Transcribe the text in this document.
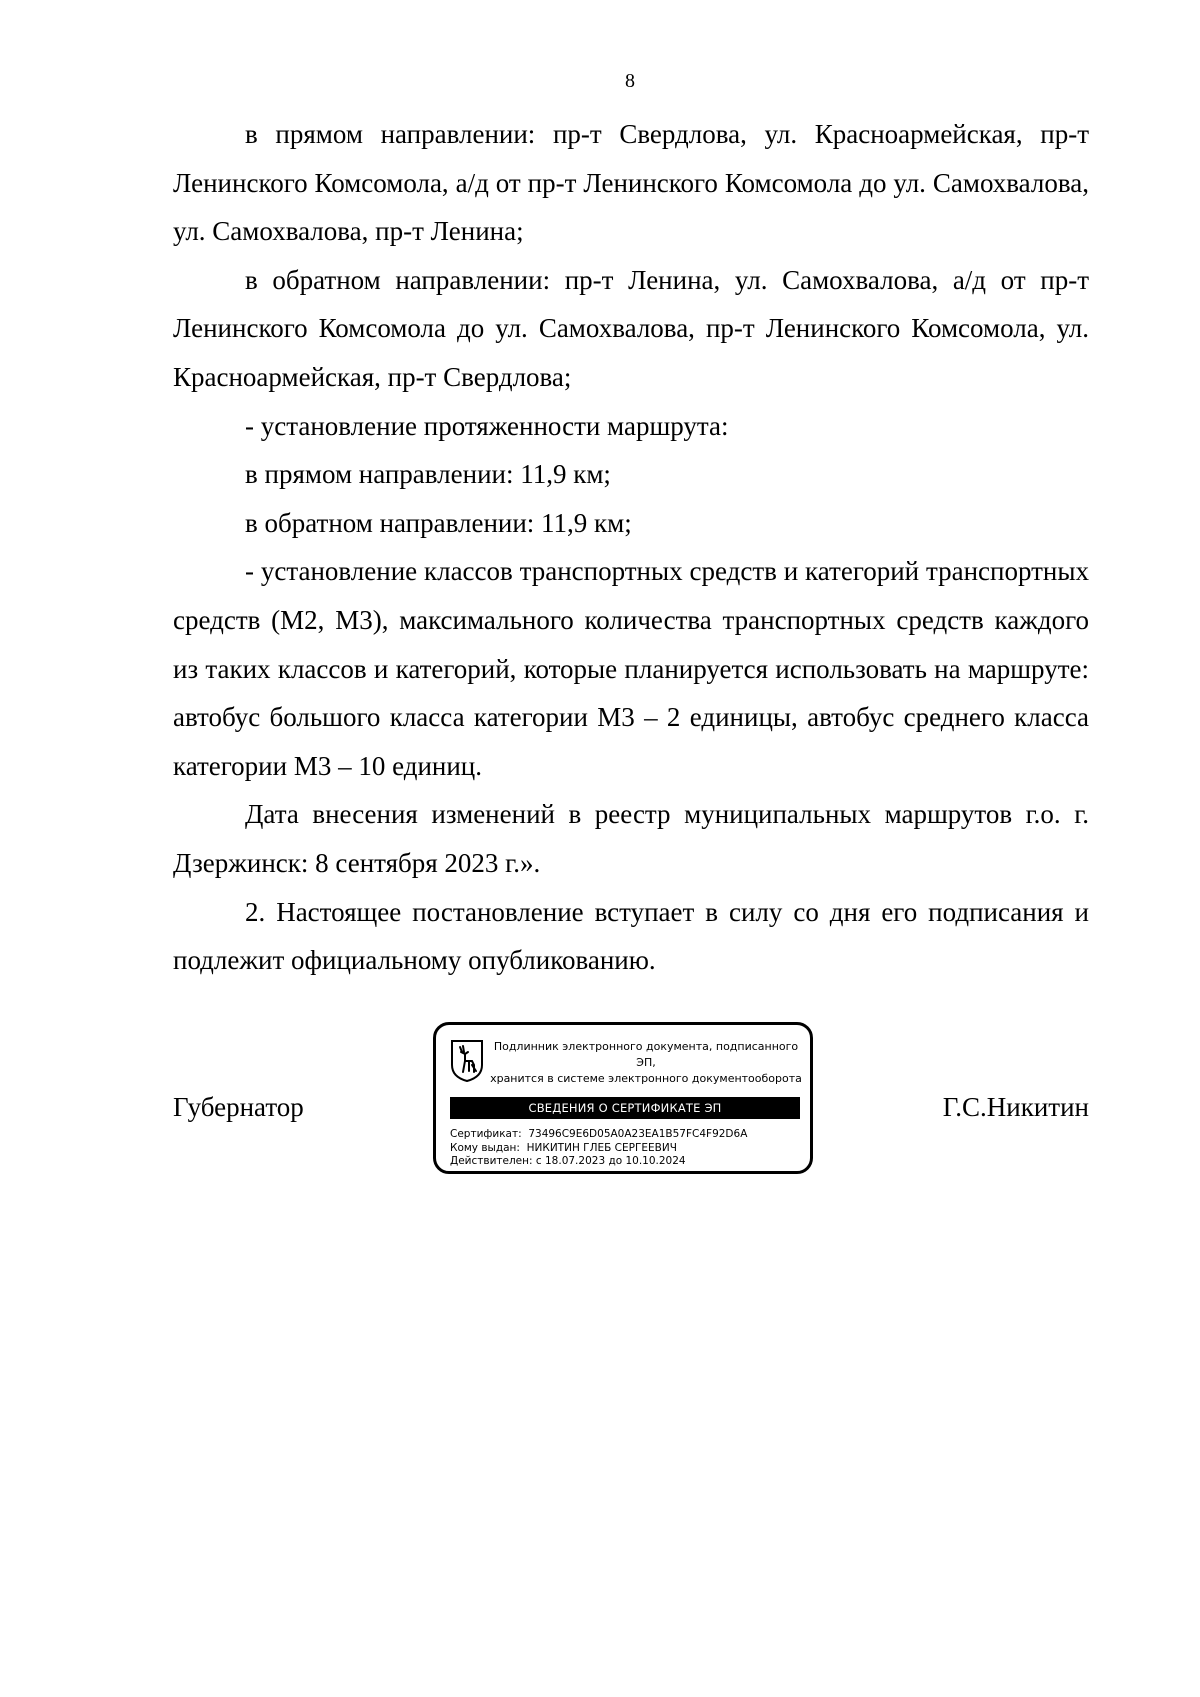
8

в прямом направлении: пр-т Свердлова, ул. Красноармейская, пр-т Ленинского Комсомола, а/д от пр-т Ленинского Комсомола до ул. Самохвалова, ул. Самохвалова, пр-т Ленина;

в обратном направлении: пр-т Ленина, ул. Самохвалова, а/д от пр-т Ленинского Комсомола до ул. Самохвалова, пр-т Ленинского Комсомола, ул. Красноармейская, пр-т Свердлова;

- установление протяженности маршрута:

в прямом направлении: 11,9 км;

в обратном направлении: 11,9 км;

- установление классов транспортных средств и категорий транспортных средств (М2, М3), максимального количества транспортных средств каждого из таких классов и категорий, которые планируется использовать на маршруте: автобус большого класса категории М3 – 2 единицы, автобус среднего класса категории М3 – 10 единиц.

Дата внесения изменений в реестр муниципальных маршрутов г.о. г. Дзержинск: 8 сентября 2023 г.».

2. Настоящее постановление вступает в силу со дня его подписания и подлежит официальному опубликованию.

Губернатор
Подлинник электронного документа, подписанного ЭП,
хранится в системе электронного документооборота
СВЕДЕНИЯ О СЕРТИФИКАТЕ ЭП
Сертификат: 73496C9E6D05A0A23EA1B57FC4F92D6A
Кому выдан: НИКИТИН ГЛЕБ СЕРГЕЕВИЧ
Действителен: с 18.07.2023 до 10.10.2024
Г.С.Никитин
